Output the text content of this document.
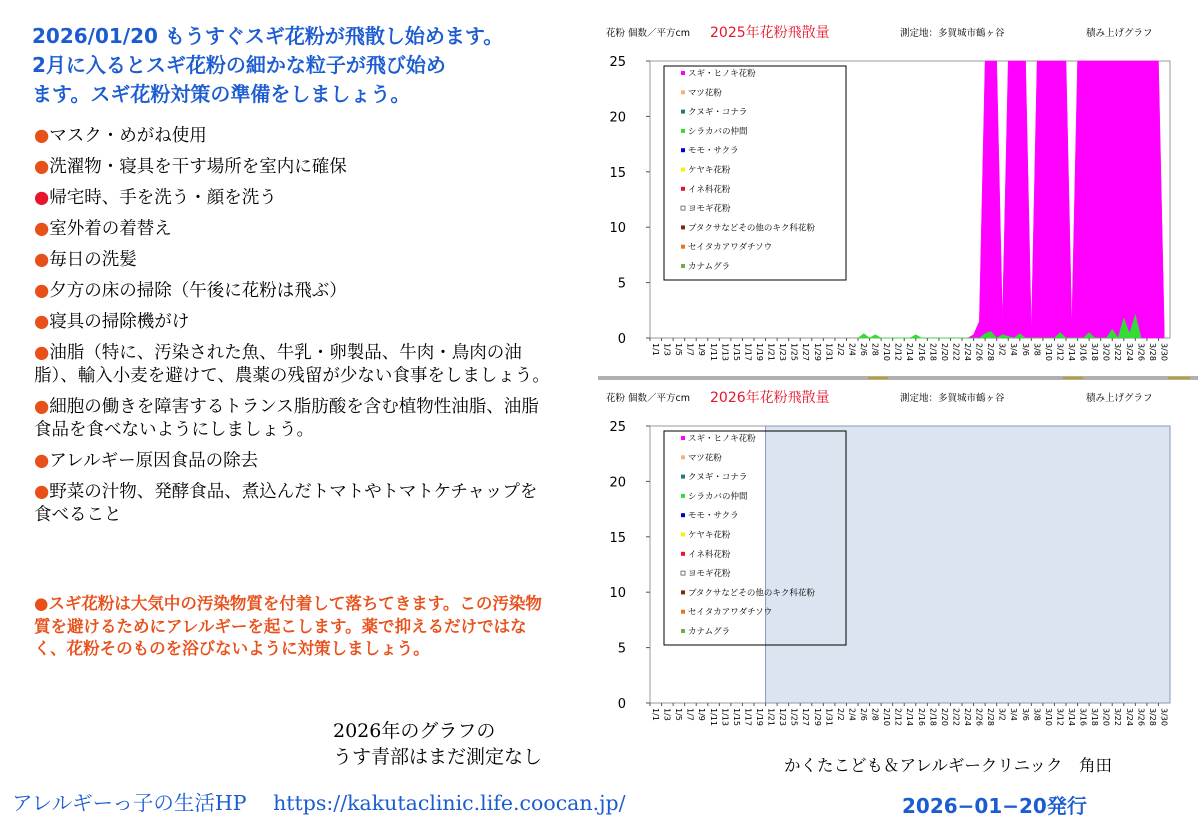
2026/01/20 もうすぐスギ花粉が飛散し始めます。
2月に入るとスギ花粉の細かな粒子が飛び始め
ます。スギ花粉対策の準備をしましょう。
●マスク・めがね使用
●洗濯物・寝具を干す場所を室内に確保
●帰宅時、手を洗う・顔を洗う
●室外着の着替え
●毎日の洗髪
●夕方の床の掃除（午後に花粉は飛ぶ）
●寝具の掃除機がけ
●油脂（特に、汚染された魚、牛乳・卵製品、牛肉・鳥肉の油脂）、輸入小麦を避けて、農薬の残留が少ない食事をしましょう。
●細胞の働きを障害するトランス脂肪酸を含む植物性油脂、油脂食品を食べないようにしましょう。
●アレルギー原因食品の除去
●野菜の汁物、発酵食品、煮込んだトマトやトマトケチャップを食べること
●スギ花粉は大気中の汚染物質を付着して落ちてきます。この汚染物質を避けるためにアレルギーを起こします。薬で抑えるだけではなく、花粉そのものを浴びないように対策しましょう。
花粉 個数／平方cm 2025年花粉飛散量	測定地：多賀城市鶴ヶ谷	積み上げグラフ
0
5
10
15
20
25
1/1 1/3 1/5 1/7 1/9 1/11 1/13 1/15 1/17 1/19 1/21 1/23 1/25 1/27 1/29 1/31 2/2 2/4 2/6 2/8 2/10 2/12 2/14 2/16 2/18 2/20 2/22 2/24 2/26 2/28 3/2 3/4 3/6 3/8 3/10 3/12 3/14 3/16 3/18 3/20 3/22 3/24 3/26 3/28 3/30
スギ・ヒノキ花粉
マツ花粉
クヌギ・コナラ
シラカバの仲間
モモ・サクラ
ケヤキ花粉
イネ科花粉
ヨモギ花粉
ブタクサなどその他のキク科花粉
セイタカアワダチソウ
カナムグラ
花粉 個数／平方cm 2026年花粉飛散量	測定地：多賀城市鶴ヶ谷	積み上げグラフ
0
5
10
15
20
25
1/1 1/3 1/5 1/7 1/9 1/11 1/13 1/15 1/17 1/19 1/21 1/23 1/25 1/27 1/29 1/31 2/2 2/4 2/6 2/8 2/10 2/12 2/14 2/16 2/18 2/20 2/22 2/24 2/26 2/28 3/2 3/4 3/6 3/8 3/10 3/12 3/14 3/16 3/18 3/20 3/22 3/24 3/26 3/28 3/30
スギ・ヒノキ花粉
マツ花粉
クヌギ・コナラ
シラカバの仲間
モモ・サクラ
ケヤキ花粉
イネ科花粉
ヨモギ花粉
ブタクサなどその他のキク科花粉
セイタカアワダチソウ
カナムグラ
2026年のグラフの
うす青部はまだ測定なし
アレルギーっ子の生活HP https://kakutaclinic.life.coocan.jp/
かくたこども＆アレルギークリニック　角田
2026−01−20発行
